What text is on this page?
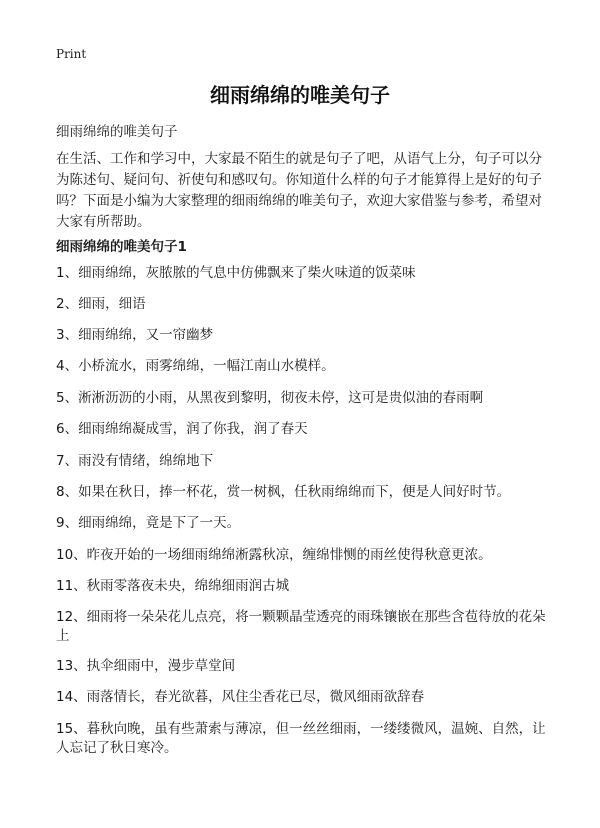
Print
细雨绵绵的唯美句子

细雨绵绵的唯美句子

在生活、工作和学习中，大家最不陌生的就是句子了吧，从语气上分，句子可以分为陈述句、疑问句、祈使句和感叹句。你知道什么样的句子才能算得上是好的句子吗？下面是小编为大家整理的细雨绵绵的唯美句子，欢迎大家借鉴与参考，希望对大家有所帮助。

细雨绵绵的唯美句子1

1、细雨绵绵，灰脓脓的气息中仿佛飘来了柴火味道的饭菜味

2、细雨，细语

3、细雨绵绵，又一帘幽梦

4、小桥流水，雨雾绵绵，一幅江南山水模样。

5、淅淅沥沥的小雨，从黑夜到黎明，彻夜未停，这可是贵似油的春雨啊

6、细雨绵绵凝成雪，润了你我，润了春天

7、雨没有情绪，绵绵地下

8、如果在秋日，捧一杯花，赏一树枫，任秋雨绵绵而下，便是人间好时节。

9、细雨绵绵，竟是下了一天。

10、昨夜开始的一场细雨绵绵淅露秋凉，缠绵悱恻的雨丝使得秋意更浓。

11、秋雨零落夜未央，绵绵细雨润古城

12、细雨将一朵朵花儿点亮，将一颗颗晶莹透亮的雨珠镶嵌在那些含苞待放的花朵上

13、执伞细雨中，漫步草堂间

14、雨落情长，春光欲暮，风住尘香花已尽，微风细雨欲辞春

15、暮秋向晚，虽有些萧索与薄凉，但一丝丝细雨，一缕缕微风，温婉、自然，让人忘记了秋日寒冷。
